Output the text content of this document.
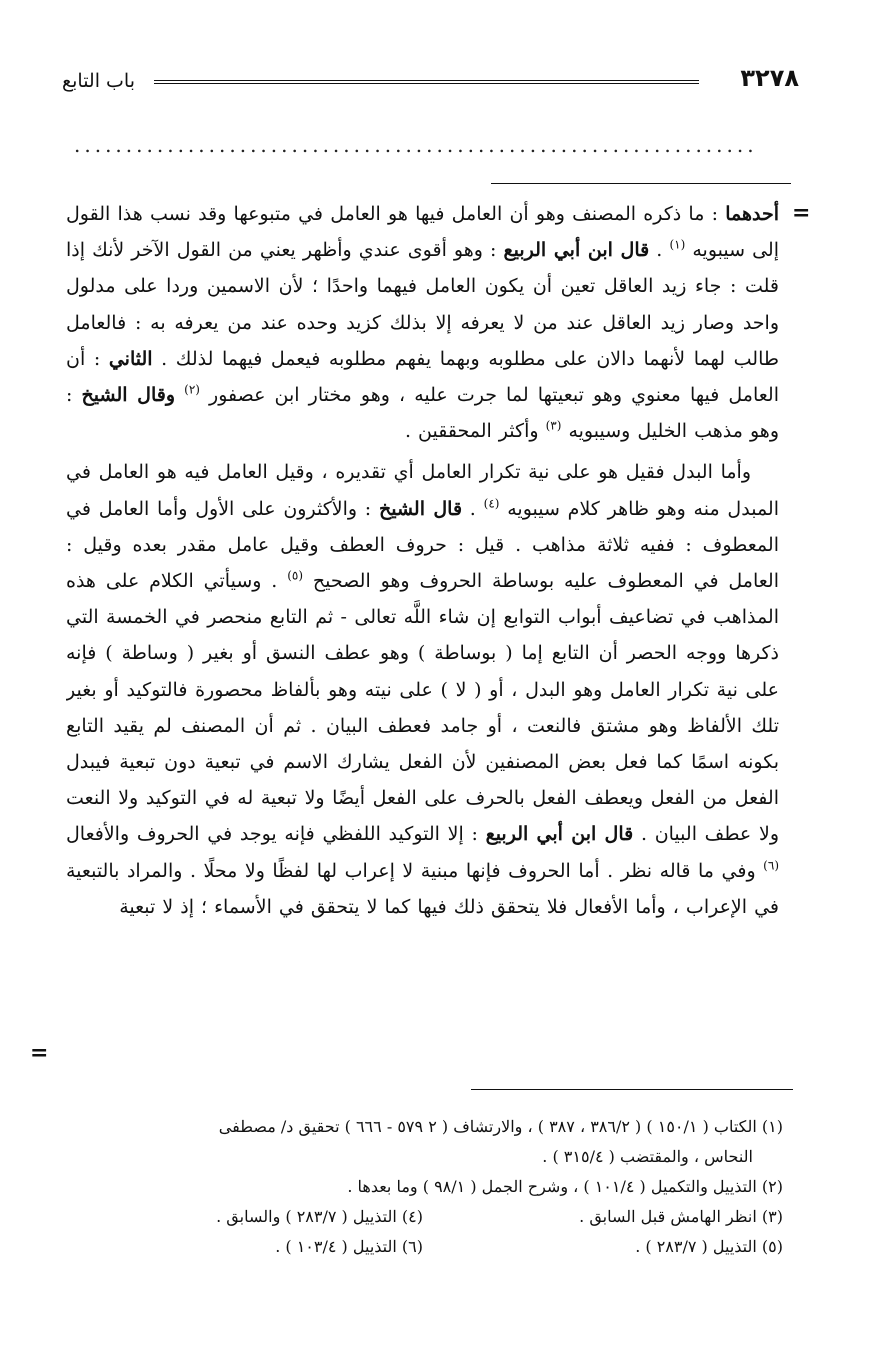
٣٢٧٨
باب التابع
..................................................................
=

أحدهما : ما ذكره المصنف وهو أن العامل فيها هو العامل في متبوعها وقد نسب هذا القول إلى سيبويه $^{(١)}$ . قال ابن أبي الربيع : وهو أقوى عندي وأظهر يعني من القول الآخر لأنك إذا قلت : جاء زيد العاقل تعين أن يكون العامل فيهما واحدًا ؛ لأن الاسمين وردا على مدلول واحد وصار زيد العاقل عند من لا يعرفه إلا بذلك كزيد وحده عند من يعرفه به : فالعامل طالب لهما لأنهما دالان على مطلوبه وبهما يفهم مطلوبه فيعمل فيهما لذلك . الثاني : أن العامل فيها معنوي وهو تبعيتها لما جرت عليه ، وهو مختار ابن عصفور $^{(٢)}$ وقال الشيخ : وهو مذهب الخليل وسيبويه $^{(٣)}$ وأكثر المحققين .

وأما البدل فقيل هو على نية تكرار العامل أي تقديره ، وقيل العامل فيه هو العامل في المبدل منه وهو ظاهر كلام سيبويه $^{(٤)}$ . قال الشيخ : والأكثرون على الأول وأما العامل في المعطوف : ففيه ثلاثة مذاهب . قيل : حروف العطف وقيل عامل مقدر بعده وقيل : العامل في المعطوف عليه بوساطة الحروف وهو الصحيح $^{(٥)}$ . وسيأتي الكلام على هذه المذاهب في تضاعيف أبواب التوابع إن شاء اللَّه تعالى - ثم التابع منحصر في الخمسة التي ذكرها ووجه الحصر أن التابع إما ( بوساطة ) وهو عطف النسق أو بغير ( وساطة ) فإنه على نية تكرار العامل وهو البدل ، أو ( لا ) على نيته وهو بألفاظ محصورة فالتوكيد أو بغير تلك الألفاظ وهو مشتق فالنعت ، أو جامد فعطف البيان . ثم أن المصنف لم يقيد التابع بكونه اسمًا كما فعل بعض المصنفين لأن الفعل يشارك الاسم في تبعية دون تبعية فيبدل الفعل من الفعل ويعطف الفعل بالحرف على الفعل أيضًا ولا تبعية له في التوكيد ولا النعت ولا عطف البيان . قال ابن أبي الربيع : إلا التوكيد اللفظي فإنه يوجد في الحروف والأفعال $^{(٦)}$ وفي ما قاله نظر . أما الحروف فإنها مبنية لا إعراب لها لفظًا ولا محلًا . والمراد بالتبعية في الإعراب ، وأما الأفعال فلا يتحقق ذلك فيها كما لا يتحقق في الأسماء ؛ إذ لا تبعية

=
(١) الكتاب ( ١٥٠/١ ) ( ٣٨٦/٢ ، ٣٨٧ ) ، والارتشاف ( ٢ ٥٧٩ - ٦٦٦ ) تحقيق د/ مصطفى
النحاس ، والمقتضب ( ٣١٥/٤ ) .
(٢) التذييل والتكميل ( ١٠١/٤ ) ، وشرح الجمل ( ٩٨/١ ) وما بعدها .
(٣) انظر الهامش قبل السابق .
(٤) التذييل ( ٢٨٣/٧ ) والسابق .
(٥) التذييل ( ٢٨٣/٧ ) .
(٦) التذييل ( ١٠٣/٤ ) .
